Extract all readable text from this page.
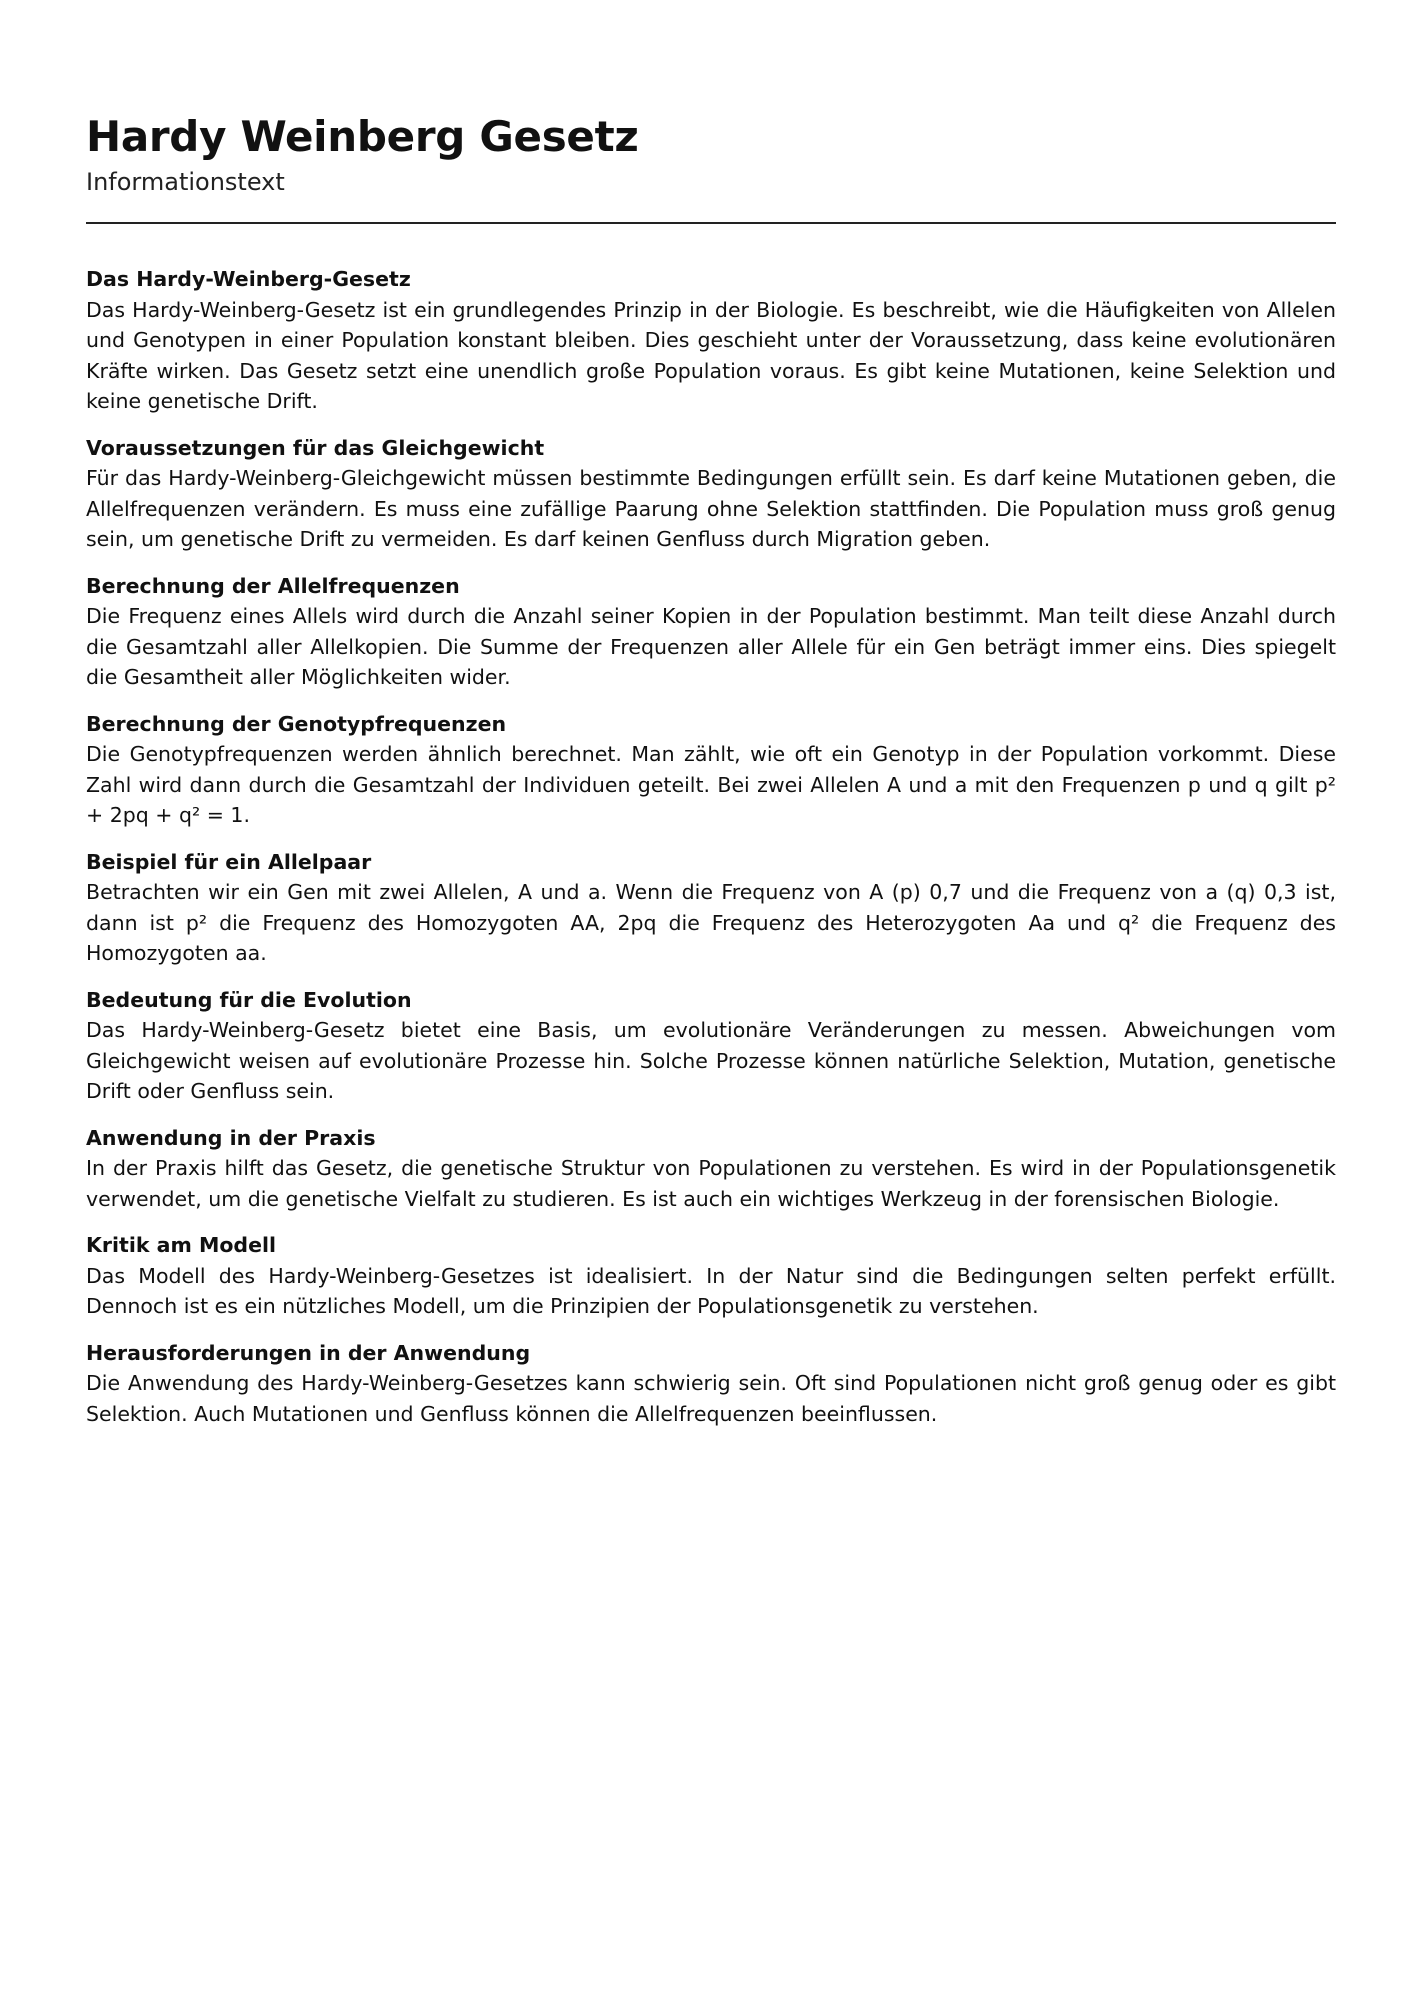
Hardy Weinberg Gesetz

Informationstext

Das Hardy-Weinberg-Gesetz

Das Hardy-Weinberg-Gesetz ist ein grundlegendes Prinzip in der Biologie. Es beschreibt, wie die Häufigkeiten von Allelen und Genotypen in einer Population konstant bleiben. Dies geschieht unter der Voraussetzung, dass keine evolutionären Kräfte wirken. Das Gesetz setzt eine unendlich große Population voraus. Es gibt keine Mutationen, keine Selektion und keine genetische Drift.

Voraussetzungen für das Gleichgewicht

Für das Hardy-Weinberg-Gleichgewicht müssen bestimmte Bedingungen erfüllt sein. Es darf keine Mutationen geben, die Allelfrequenzen verändern. Es muss eine zufällige Paarung ohne Selektion stattfinden. Die Population muss groß genug sein, um genetische Drift zu vermeiden. Es darf keinen Genfluss durch Migration geben.

Berechnung der Allelfrequenzen

Die Frequenz eines Allels wird durch die Anzahl seiner Kopien in der Population bestimmt. Man teilt diese Anzahl durch die Gesamtzahl aller Allelkopien. Die Summe der Frequenzen aller Allele für ein Gen beträgt immer eins. Dies spiegelt die Gesamtheit aller Möglichkeiten wider.

Berechnung der Genotypfrequenzen

Die Genotypfrequenzen werden ähnlich berechnet. Man zählt, wie oft ein Genotyp in der Population vorkommt. Diese Zahl wird dann durch die Gesamtzahl der Individuen geteilt. Bei zwei Allelen A und a mit den Frequenzen p und q gilt p² + 2pq + q² = 1.

Beispiel für ein Allelpaar

Betrachten wir ein Gen mit zwei Allelen, A und a. Wenn die Frequenz von A (p) 0,7 und die Frequenz von a (q) 0,3 ist, dann ist p² die Frequenz des Homozygoten AA, 2pq die Frequenz des Heterozygoten Aa und q² die Frequenz des Homozygoten aa.

Bedeutung für die Evolution

Das Hardy-Weinberg-Gesetz bietet eine Basis, um evolutionäre Veränderungen zu messen. Abweichungen vom Gleichgewicht weisen auf evolutionäre Prozesse hin. Solche Prozesse können natürliche Selektion, Mutation, genetische Drift oder Genfluss sein.

Anwendung in der Praxis

In der Praxis hilft das Gesetz, die genetische Struktur von Populationen zu verstehen. Es wird in der Populationsgenetik verwendet, um die genetische Vielfalt zu studieren. Es ist auch ein wichtiges Werkzeug in der forensischen Biologie.

Kritik am Modell

Das Modell des Hardy-Weinberg-Gesetzes ist idealisiert. In der Natur sind die Bedingungen selten perfekt erfüllt. Dennoch ist es ein nützliches Modell, um die Prinzipien der Populationsgenetik zu verstehen.

Herausforderungen in der Anwendung

Die Anwendung des Hardy-Weinberg-Gesetzes kann schwierig sein. Oft sind Populationen nicht groß genug oder es gibt Selektion. Auch Mutationen und Genfluss können die Allelfrequenzen beeinflussen.
